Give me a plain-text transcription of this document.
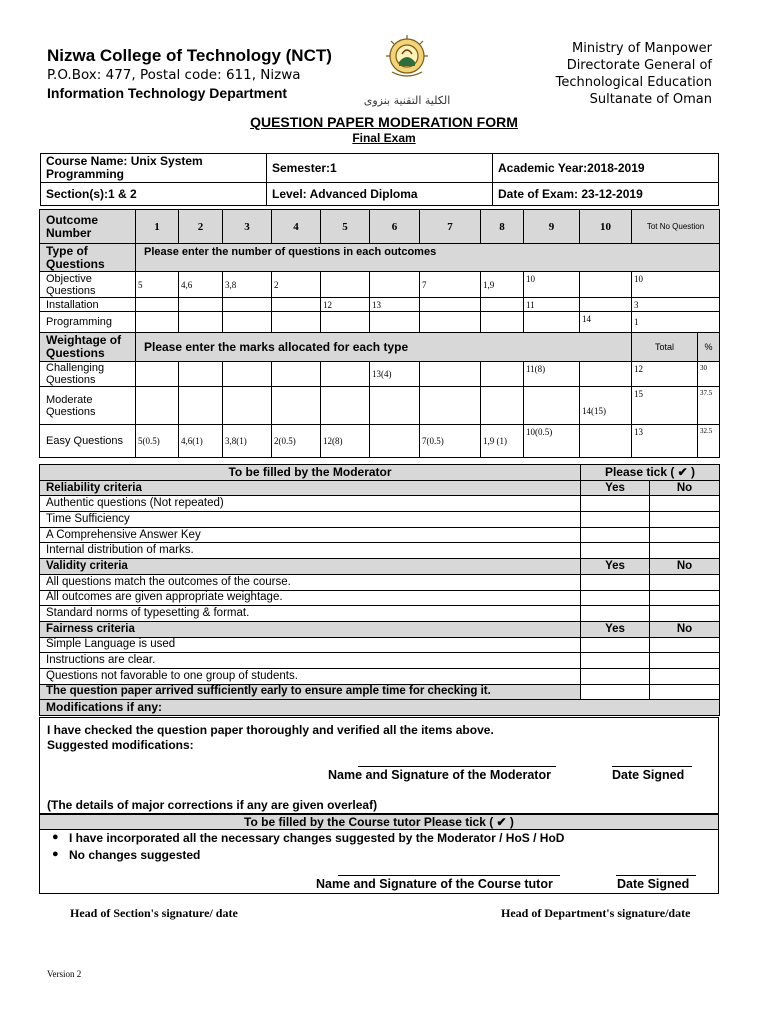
Nizwa College of Technology (NCT)
P.O.Box: 477, Postal code: 611, Nizwa
Information Technology Department	الكلية التقنية بنزوى
Ministry of Manpower
Directorate General of
Technological Education
Sultanate of Oman
QUESTION PAPER MODERATION FORM
Final Exam
Course Name: Unix System Programming	Semester:1	Academic Year:2018-2019
Section(s):1 & 2	Level: Advanced Diploma	Date of Exam: 23-12-2019
Outcome Number	1	2	3	4	5	6	7	8	9	10	Tot No Question	
Type of Questions	Please enter the number of questions in each outcomes											
Objective Questions	5	4,6	3,8	2			7	1,9	10		10	
Installation					12	13			11		3	
Programming										14	1	
Weightage of Questions	Please enter the marks allocated for each type										Total	%
Challenging Questions						13(4)			11(8)		12	30
Moderate Questions										14(15)	15	37.5
Easy Questions	5(0.5)	4,6(1)	3,8(1)	2(0.5)	12(8)		7(0.5)	1,9 (1)	10(0.5)		13	32.5
To be filled by the Moderator	Please tick ( ✔ )	
Reliability criteria	Yes	No
Authentic questions (Not repeated)		
Time Sufficiency		
A Comprehensive Answer Key		
Internal distribution of marks.		
Validity criteria	Yes	No
All questions match the outcomes of the course.		
All outcomes are given appropriate weightage.		
Standard norms of typesetting & format.		
Fairness criteria	Yes	No
Simple Language is used		
Instructions are clear.		
Questions not favorable to one group of students.		
The question paper arrived sufficiently early to ensure ample time for checking it.		
Modifications if any:		
I have checked the question paper thoroughly and verified all the items above.
Suggested modifications:
Name and Signature of the Moderator	Date Signed
(The details of major corrections if any are given overleaf)
To be filled by the Course tutor Please tick ( ✔ )
● I have incorporated all the necessary changes suggested by the Moderator / HoS / HoD
● No changes suggested
Name and Signature of the Course tutor	Date Signed
Head of Section's signature/ date	Head of Department's signature/date
Version 2
